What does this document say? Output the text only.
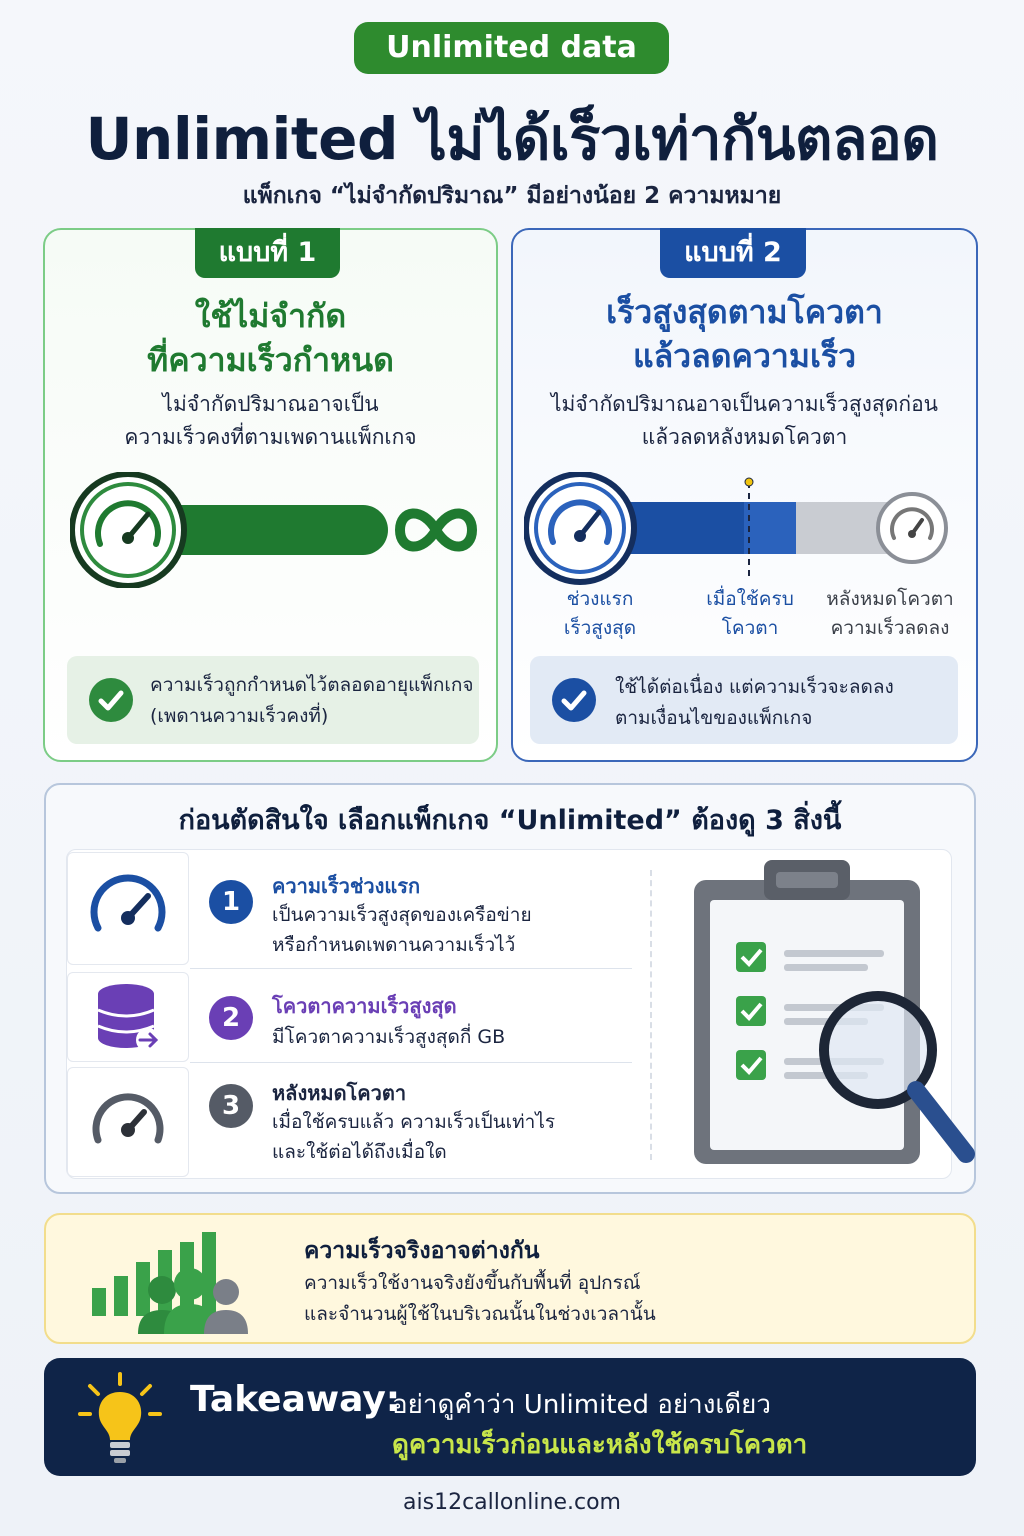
Unlimited data
Unlimited ไม่ได้เร็วเท่ากันตลอด
แพ็กเกจ “ไม่จำกัดปริมาณ” มีอย่างน้อย 2 ความหมาย
แบบที่ 1
ใช้ไม่จำกัด
ที่ความเร็วกำหนด
ไม่จำกัดปริมาณอาจเป็น
ความเร็วคงที่ตามเพดานแพ็กเกจ
ความเร็วถูกกำหนดไว้ตลอดอายุแพ็กเกจ
(เพดานความเร็วคงที่)
แบบที่ 2
เร็วสูงสุดตามโควตา
แล้วลดความเร็ว
ไม่จำกัดปริมาณอาจเป็นความเร็วสูงสุดก่อน
แล้วลดหลังหมดโควตา
ช่วงแรก
เร็วสูงสุด
เมื่อใช้ครบ
โควตา
หลังหมดโควตา
ความเร็วลดลง
ใช้ได้ต่อเนื่อง แต่ความเร็วจะลดลง
ตามเงื่อนไขของแพ็กเกจ
ก่อนตัดสินใจ เลือกแพ็กเกจ “Unlimited” ต้องดู 3 สิ่งนี้
1
ความเร็วช่วงแรก
เป็นความเร็วสูงสุดของเครือข่าย
หรือกำหนดเพดานความเร็วไว้
2	โควตาความเร็วสูงสุด
มีโควตาความเร็วสูงสุดกี่ GB
3	หลังหมดโควตา
เมื่อใช้ครบแล้ว ความเร็วเป็นเท่าไร
และใช้ต่อได้ถึงเมื่อใด
ความเร็วจริงอาจต่างกัน
ความเร็วใช้งานจริงยังขึ้นกับพื้นที่ อุปกรณ์
และจำนวนผู้ใช้ในบริเวณนั้นในช่วงเวลานั้น
Takeaway:
อย่าดูคำว่า Unlimited อย่างเดียว
ดูความเร็วก่อนและหลังใช้ครบโควตา
ais12callonline.com
